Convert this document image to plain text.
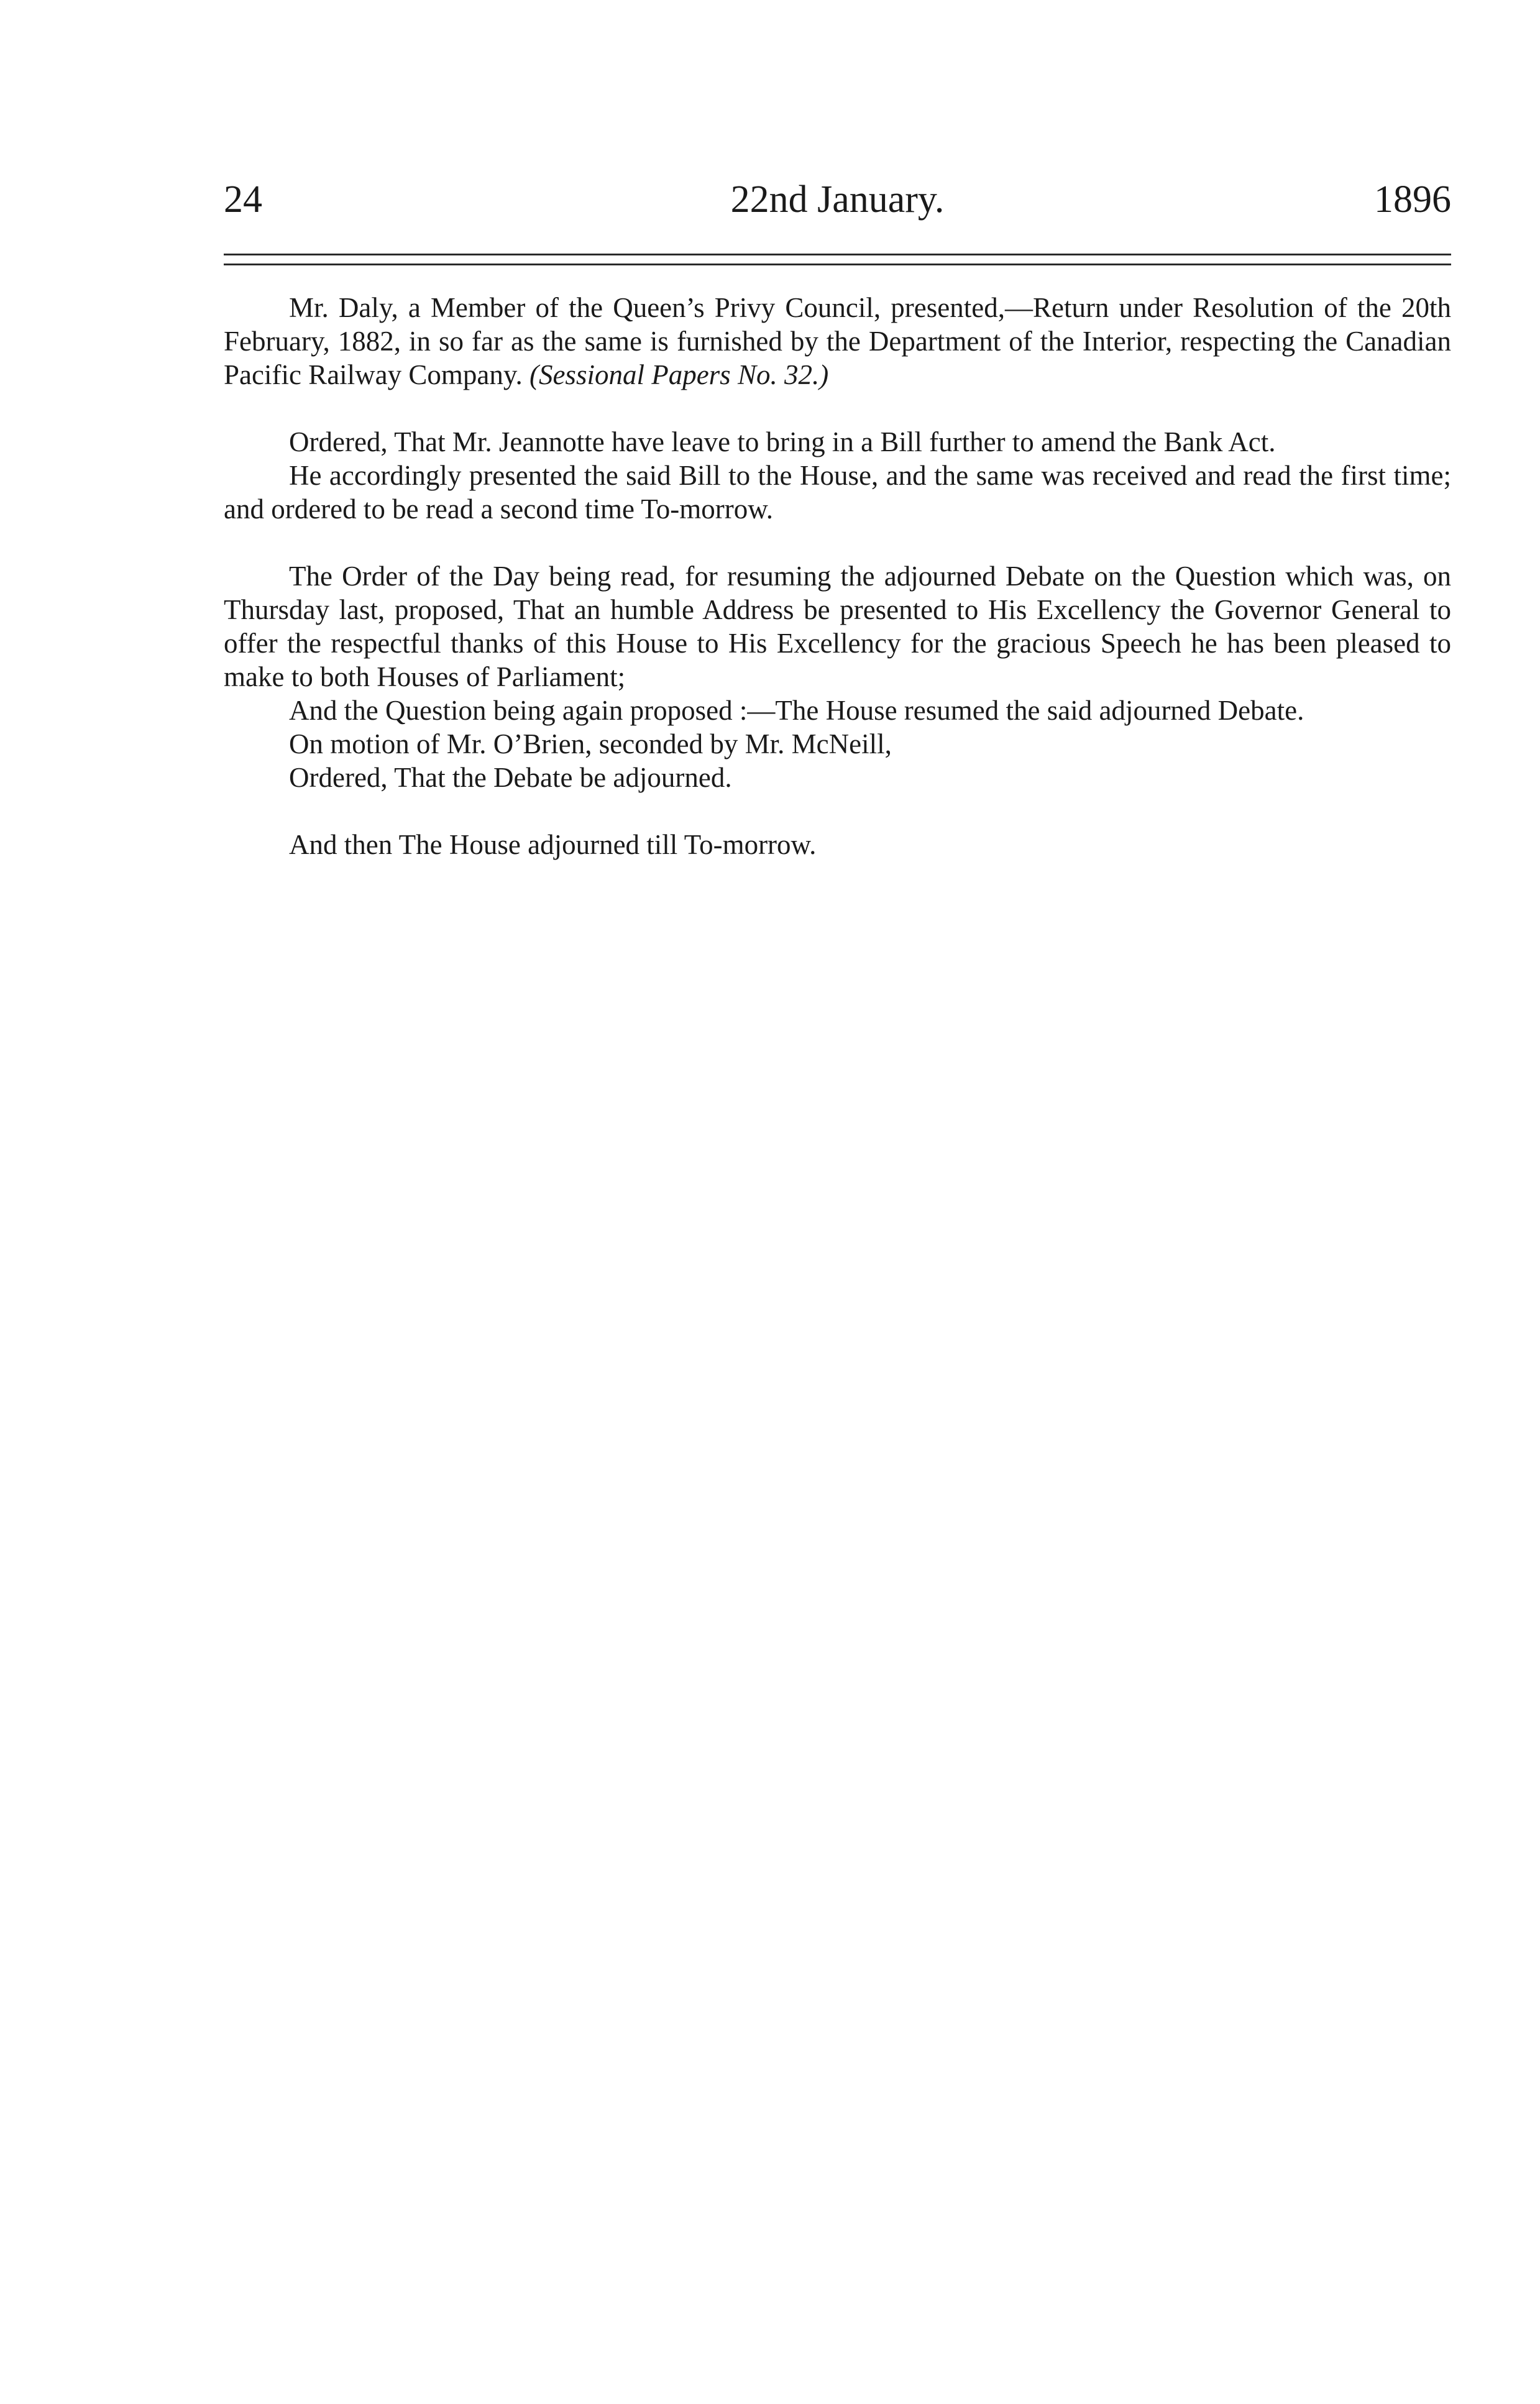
24	22nd January.	1896

Mr. Daly, a Member of the Queen’s Privy Council, presented,—Return under Resolution of the 20th February, 1882, in so far as the same is furnished by the Department of the Interior, respecting the Canadian Pacific Railway Company. (Sessional Papers No. 32.)

Ordered, That Mr. Jeannotte have leave to bring in a Bill further to amend the Bank Act.

He accordingly presented the said Bill to the House, and the same was received and read the first time; and ordered to be read a second time To-morrow.

The Order of the Day being read, for resuming the adjourned Debate on the Question which was, on Thursday last, proposed, That an humble Address be presented to His Excellency the Governor General to offer the respectful thanks of this House to His Excellency for the gracious Speech he has been pleased to make to both Houses of Parliament;

And the Question being again proposed :—The House resumed the said adjourned Debate.

On motion of Mr. O’Brien, seconded by Mr. McNeill,

Ordered, That the Debate be adjourned.

And then The House adjourned till To-morrow.
